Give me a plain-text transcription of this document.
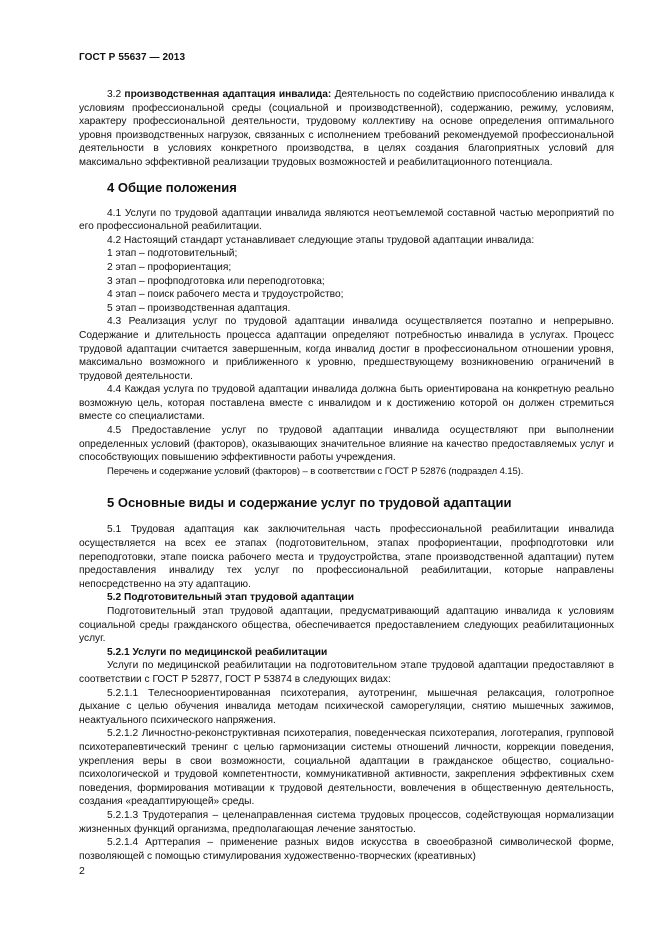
ГОСТ Р 55637 — 2013

3.2 производственная адаптация инвалида: Деятельность по содействию приспособлению инвалида к условиям профессиональной среды (социальной и производственной), содержанию, режиму, условиям, характеру профессиональной деятельности, трудовому коллективу на основе определения оптимального уровня производственных нагрузок, связанных с исполнением требований рекомендуемой профессиональной деятельности в условиях конкретного производства, в целях создания благоприятных условий для максимально эффективной реализации трудовых возможностей и реабилитационного потенциала.

4 Общие положения

4.1 Услуги по трудовой адаптации инвалида являются неотъемлемой составной частью мероприятий по его профессиональной реабилитации.

4.2 Настоящий стандарт устанавливает следующие этапы трудовой адаптации инвалида:

1 этап – подготовительный;

2 этап – профориентация;

3 этап – профподготовка или переподготовка;

4 этап – поиск рабочего места и трудоустройство;

5 этап – производственная адаптация.

4.3 Реализация услуг по трудовой адаптации инвалида осуществляется поэтапно и непрерывно. Содержание и длительность процесса адаптации определяют потребностью инвалида в услугах. Процесс трудовой адаптации считается завершенным, когда инвалид достиг в профессиональном отношении уровня, максимально возможного и приближенного к уровню, предшествующему возникновению ограничений в трудовой деятельности.

4.4 Каждая услуга по трудовой адаптации инвалида должна быть ориентирована на конкретную реально возможную цель, которая поставлена вместе с инвалидом и к достижению которой он должен стремиться вместе со специалистами.

4.5 Предоставление услуг по трудовой адаптации инвалида осуществляют при выполнении определенных условий (факторов), оказывающих значительное влияние на качество предоставляемых услуг и способствующих повышению эффективности работы учреждения.

Перечень и содержание условий (факторов) – в соответствии с ГОСТ Р 52876 (подраздел 4.15).

5 Основные виды и содержание услуг по трудовой адаптации

5.1 Трудовая адаптация как заключительная часть профессиональной реабилитации инвалида осуществляется на всех ее этапах (подготовительном, этапах профориентации, профподготовки или переподготовки, этапе поиска рабочего места и трудоустройства, этапе производственной адаптации) путем предоставления инвалиду тех услуг по профессиональной реабилитации, которые направлены непосредственно на эту адаптацию.

5.2 Подготовительный этап трудовой адаптации

Подготовительный этап трудовой адаптации, предусматривающий адаптацию инвалида к условиям социальной среды гражданского общества, обеспечивается предоставлением следующих реабилитационных услуг.

5.2.1 Услуги по медицинской реабилитации

Услуги по медицинской реабилитации на подготовительном этапе трудовой адаптации предоставляют в соответствии с ГОСТ Р 52877, ГОСТ Р 53874 в следующих видах:

5.2.1.1 Телесноориентированная психотерапия, аутотренинг, мышечная релаксация, голотропное дыхание с целью обучения инвалида методам психической саморегуляции, снятию мышечных зажимов, неактуального психического напряжения.

5.2.1.2 Личностно-реконструктивная психотерапия, поведенческая психотерапия, логотерапия, групповой психотерапевтический тренинг с целью гармонизации системы отношений личности, коррекции поведения, укрепления веры в свои возможности, социальной адаптации в гражданское общество, социально-психологической и трудовой компетентности, коммуникативной активности, закрепления эффективных схем поведения, формирования мотивации к трудовой деятельности, вовлечения в общественную деятельность, создания «реадаптирующей» среды.

5.2.1.3 Трудотерапия – целенаправленная система трудовых процессов, содействующая нормализации жизненных функций организма, предполагающая лечение занятостью.

5.2.1.4 Арттерапия – применение разных видов искусства в своеобразной символической форме, позволяющей с помощью стимулирования художественно-творческих (креативных)

2
